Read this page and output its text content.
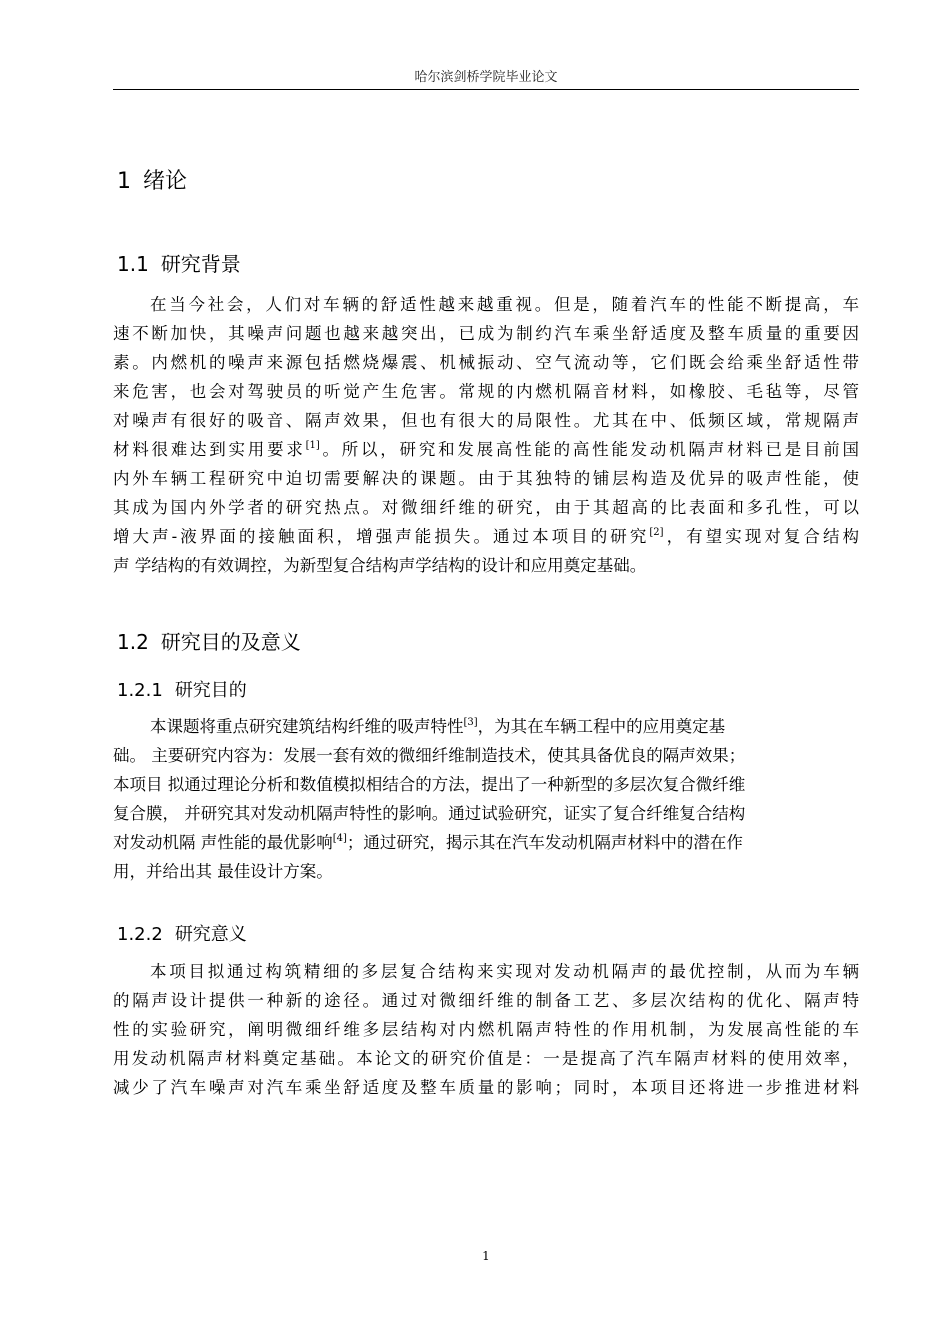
哈尔滨剑桥学院毕业论文
1 绪论
1.1 研究背景
在当今社会，人们对车辆的舒适性越来越重视。但是，随着汽车的性能不断提高，车
速不断加快，其噪声问题也越来越突出，已成为制约汽车乘坐舒适度及整车质量的重要因
素。内燃机的噪声来源包括燃烧爆震、机械振动、空气流动等，它们既会给乘坐舒适性带
来危害，也会对驾驶员的听觉产生危害。常规的内燃机隔音材料，如橡胶、毛毡等，尽管
对噪声有很好的吸音、隔声效果，但也有很大的局限性。尤其在中、低频区域，常规隔声
材料很难达到实用要求[1]。所以，研究和发展高性能的高性能发动机隔声材料已是目前国
内外车辆工程研究中迫切需要解决的课题。由于其独特的铺层构造及优异的吸声性能，使
其成为国内外学者的研究热点。对微细纤维的研究，由于其超高的比表面和多孔性，可以
增大声-液界面的接触面积，增强声能损失。通过本项目的研究[2]，有望实现对复合结构
声 学结构的有效调控，为新型复合结构声学结构的设计和应用奠定基础。
1.2 研究目的及意义
1.2.1 研究目的
本课题将重点研究建筑结构纤维的吸声特性[3]，为其在车辆工程中的应用奠定基
础。 主要研究内容为：发展一套有效的微细纤维制造技术，使其具备优良的隔声效果；
本项目 拟通过理论分析和数值模拟相结合的方法，提出了一种新型的多层次复合微纤维
复合膜， 并研究其对发动机隔声特性的影响。通过试验研究，证实了复合纤维复合结构
对发动机隔 声性能的最优影响[4]；通过研究，揭示其在汽车发动机隔声材料中的潜在作
用，并给出其 最佳设计方案。
1.2.2 研究意义
本项目拟通过构筑精细的多层复合结构来实现对发动机隔声的最优控制，从而为车辆
的隔声设计提供一种新的途径。通过对微细纤维的制备工艺、多层次结构的优化、隔声特
性的实验研究，阐明微细纤维多层结构对内燃机隔声特性的作用机制，为发展高性能的车
用发动机隔声材料奠定基础。本论文的研究价值是：一是提高了汽车隔声材料的使用效率，
减少了汽车噪声对汽车乘坐舒适度及整车质量的影响；同时，本项目还将进一步推进材料
1
